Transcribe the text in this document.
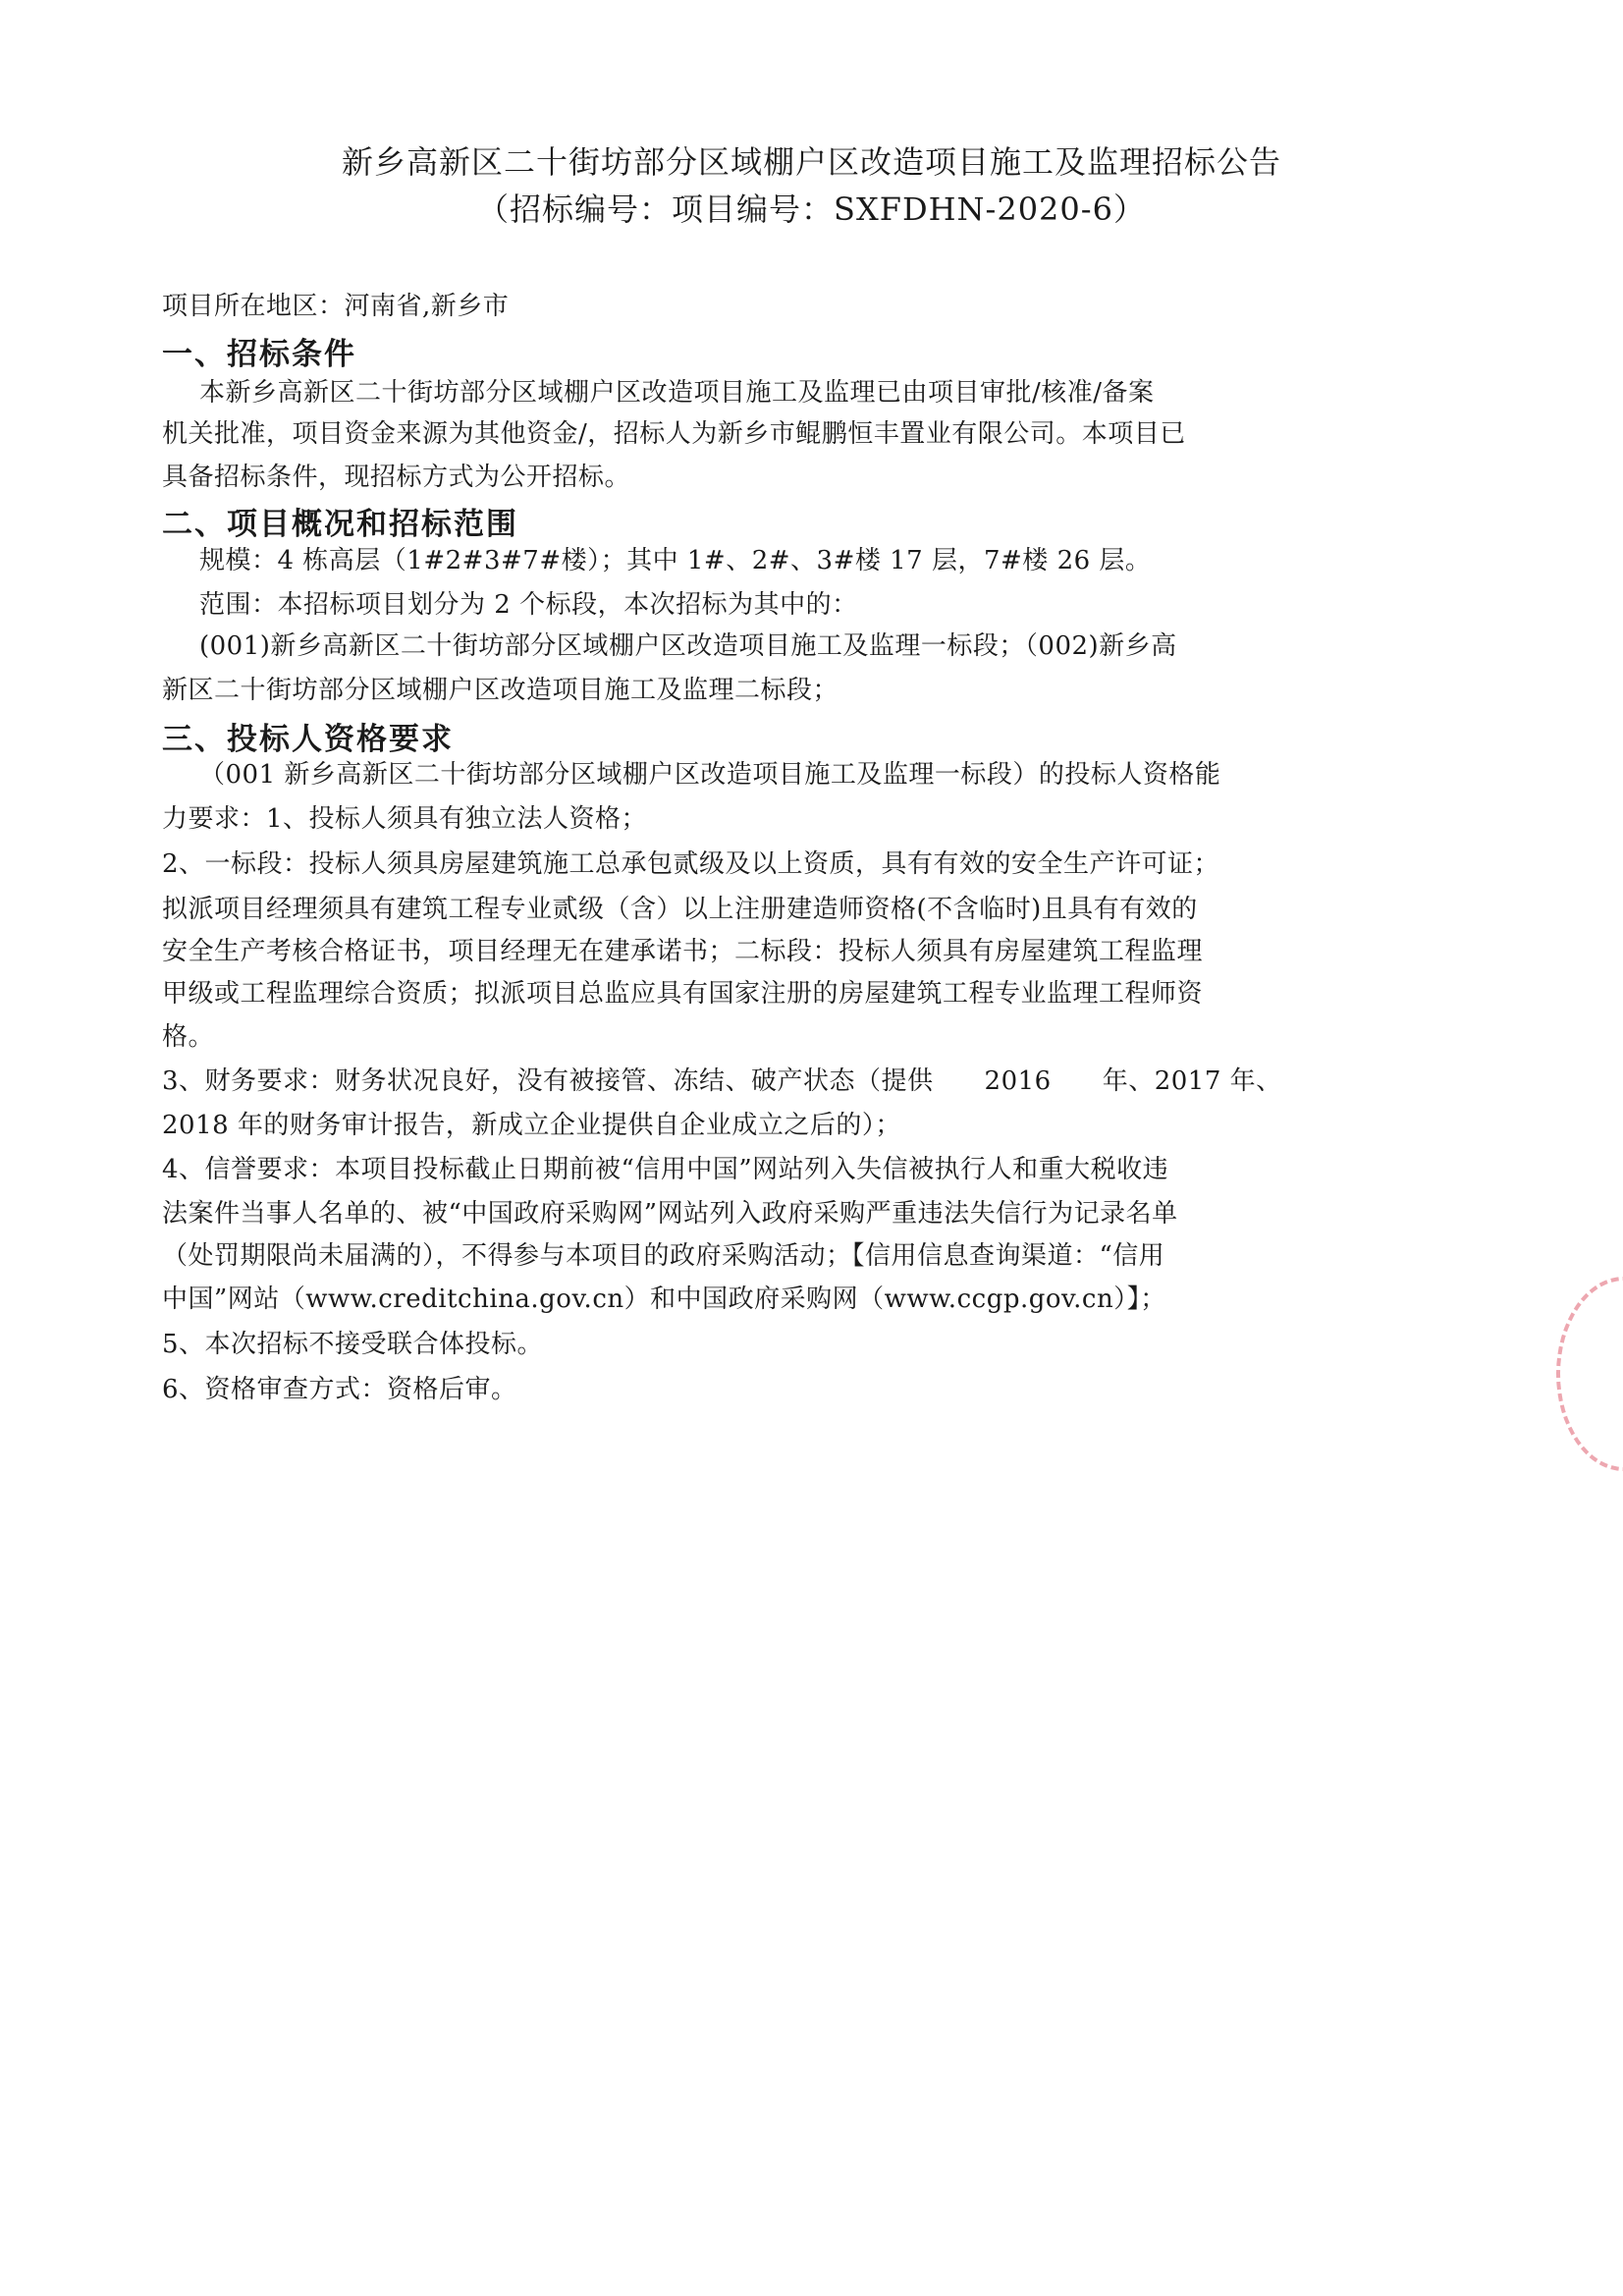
新乡高新区二十街坊部分区域棚户区改造项目施工及监理招标公告
（招标编号：项目编号：SXFDHN-2020-6）
项目所在地区：河南省,新乡市
一、招标条件
本新乡高新区二十街坊部分区域棚户区改造项目施工及监理已由项目审批/核准/备案
机关批准，项目资金来源为其他资金/，招标人为新乡市鲲鹏恒丰置业有限公司。本项目已
具备招标条件，现招标方式为公开招标。
二、项目概况和招标范围
规模：4 栋高层（1#2#3#7#楼）；其中 1#、2#、3#楼 17 层，7#楼 26 层。
范围：本招标项目划分为 2 个标段，本次招标为其中的：
(001)新乡高新区二十街坊部分区域棚户区改造项目施工及监理一标段；（002)新乡高
新区二十街坊部分区域棚户区改造项目施工及监理二标段；
三、投标人资格要求
（001 新乡高新区二十街坊部分区域棚户区改造项目施工及监理一标段）的投标人资格能
力要求：1、投标人须具有独立法人资格；
2、一标段：投标人须具房屋建筑施工总承包贰级及以上资质，具有有效的安全生产许可证；
拟派项目经理须具有建筑工程专业贰级（含）以上注册建造师资格(不含临时)且具有有效的
安全生产考核合格证书，项目经理无在建承诺书；二标段：投标人须具有房屋建筑工程监理
甲级或工程监理综合资质；拟派项目总监应具有国家注册的房屋建筑工程专业监理工程师资
格。
3、财务要求：财务状况良好，没有被接管、冻结、破产状态（提供 2016 年、2017 年、
2018 年的财务审计报告，新成立企业提供自企业成立之后的）；
4、信誉要求：本项目投标截止日期前被“信用中国”网站列入失信被执行人和重大税收违
法案件当事人名单的、被“中国政府采购网”网站列入政府采购严重违法失信行为记录名单
（处罚期限尚未届满的），不得参与本项目的政府采购活动；【信用信息查询渠道：“信用
中国”网站（www.creditchina.gov.cn）和中国政府采购网（www.ccgp.gov.cn）】；
5、本次招标不接受联合体投标。
6、资格审查方式：资格后审。
